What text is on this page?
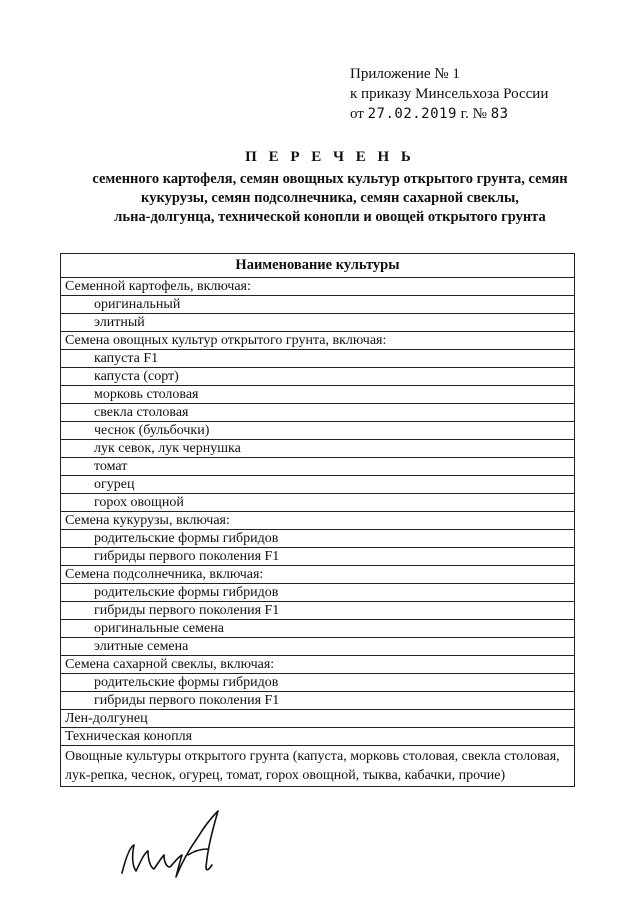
Приложение № 1
к приказу Минсельхоза России
от 27.02.2019 г. № 83
П Е Р Е Ч Е Н Ь
семенного картофеля, семян овощных культур открытого грунта, семян
кукурузы, семян подсолнечника, семян сахарной свеклы,
льна-долгунца, технической конопли и овощей открытого грунта
Наименование культуры
Семенной картофель, включая:
оригинальный
элитный
Семена овощных культур открытого грунта, включая:
капуста F1
капуста (сорт)
морковь столовая
свекла столовая
чеснок (бульбочки)
лук севок, лук чернушка
томат
огурец
горох овощной
Семена кукурузы, включая:
родительские формы гибридов
гибриды первого поколения F1
Семена подсолнечника, включая:
родительские формы гибридов
гибриды первого поколения F1
оригинальные семена
элитные семена
Семена сахарной свеклы, включая:
родительские формы гибридов
гибриды первого поколения F1
Лен-долгунец
Техническая конопля
Овощные культуры открытого грунта (капуста, морковь столовая, свекла столовая, лук-репка, чеснок, огурец, томат, горох овощной, тыква, кабачки, прочие)
